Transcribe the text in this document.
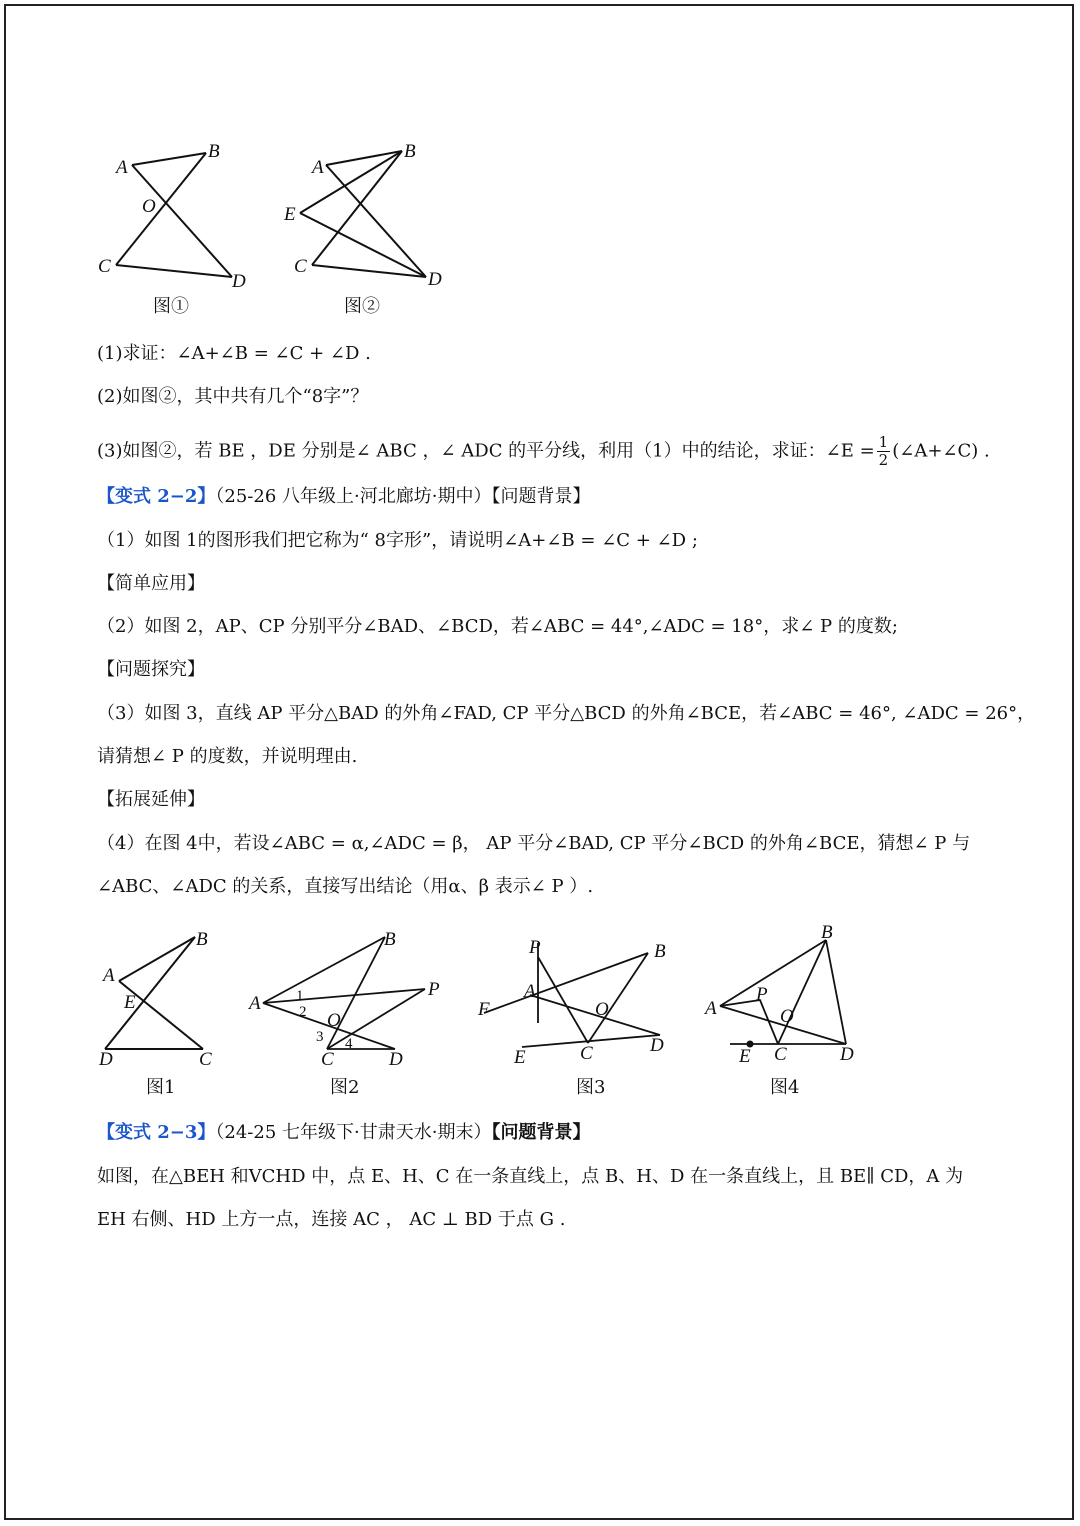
A
B
O
C
D
图①
A
B
E
C
D
图②
(1)求证：∠A+∠B = ∠C + ∠D .
(2)如图②，其中共有几个“8字”？
(3)如图②，若 BE ，DE 分别是∠ ABC ，∠ ADC 的平分线，利用（1）中的结论，求证：∠E = $\frac{1}{2}$ (∠A+∠C) .
【变式 2−2】（25-26 八年级上·河北廊坊·期中）【问题背景】
（1）如图 1的图形我们把它称为“ 8字形”，请说明∠A+∠B = ∠C + ∠D ;
【简单应用】
（2）如图 2，AP、CP 分别平分∠BAD、∠BCD，若∠ABC = 44°,∠ADC = 18°，求∠ P 的度数;
【问题探究】
（3）如图 3，直线 AP 平分△BAD 的外角∠FAD, CP 平分△BCD 的外角∠BCE，若∠ABC = 46°, ∠ADC = 26°，
请猜想∠ P 的度数，并说明理由.
【拓展延伸】
（4）在图 4中，若设∠ABC = α,∠ADC = β， AP 平分∠BAD, CP 平分∠BCD 的外角∠BCE，猜想∠ P 与
∠ABC、∠ADC 的关系，直接写出结论（用α、β 表示∠ P ）.
A
B
E
D	C
图1
A
B
P
O
C	D
1
2
3 4
图2
P	B
A
F	O
E	C	D
图3
B
P
A	O
E C	D
图4
【变式 2−3】（24-25 七年级下·甘肃天水·期末）【问题背景】
如图，在△BEH 和VCHD 中，点 E、H、C 在一条直线上，点 B、H、D 在一条直线上，且 BE∥ CD，A 为
EH 右侧、HD 上方一点，连接 AC ， AC ⊥ BD 于点 G .
